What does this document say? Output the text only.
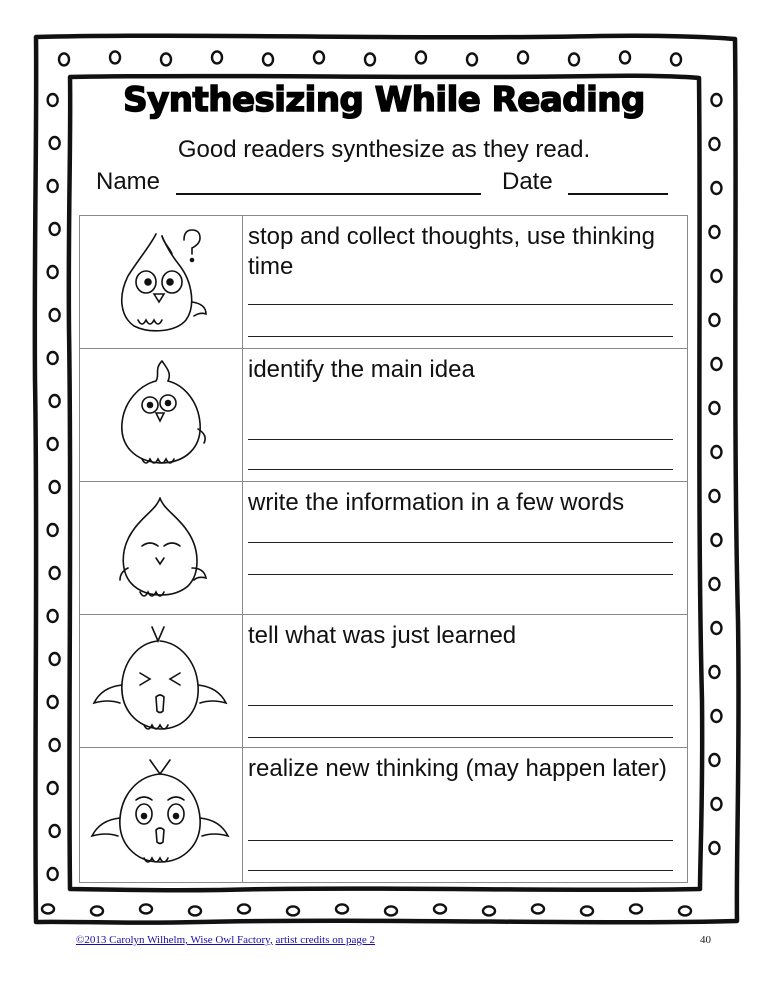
Synthesizing While Reading
Good readers synthesize as they read.
Name	Date

stop and collect thoughts, use thinking time

identify the main idea

write the information in a few words

tell what was just learned

realize new thinking (may happen later)
©2013 Carolyn Wilhelm, Wise Owl Factory, artist credits on page 2	40
